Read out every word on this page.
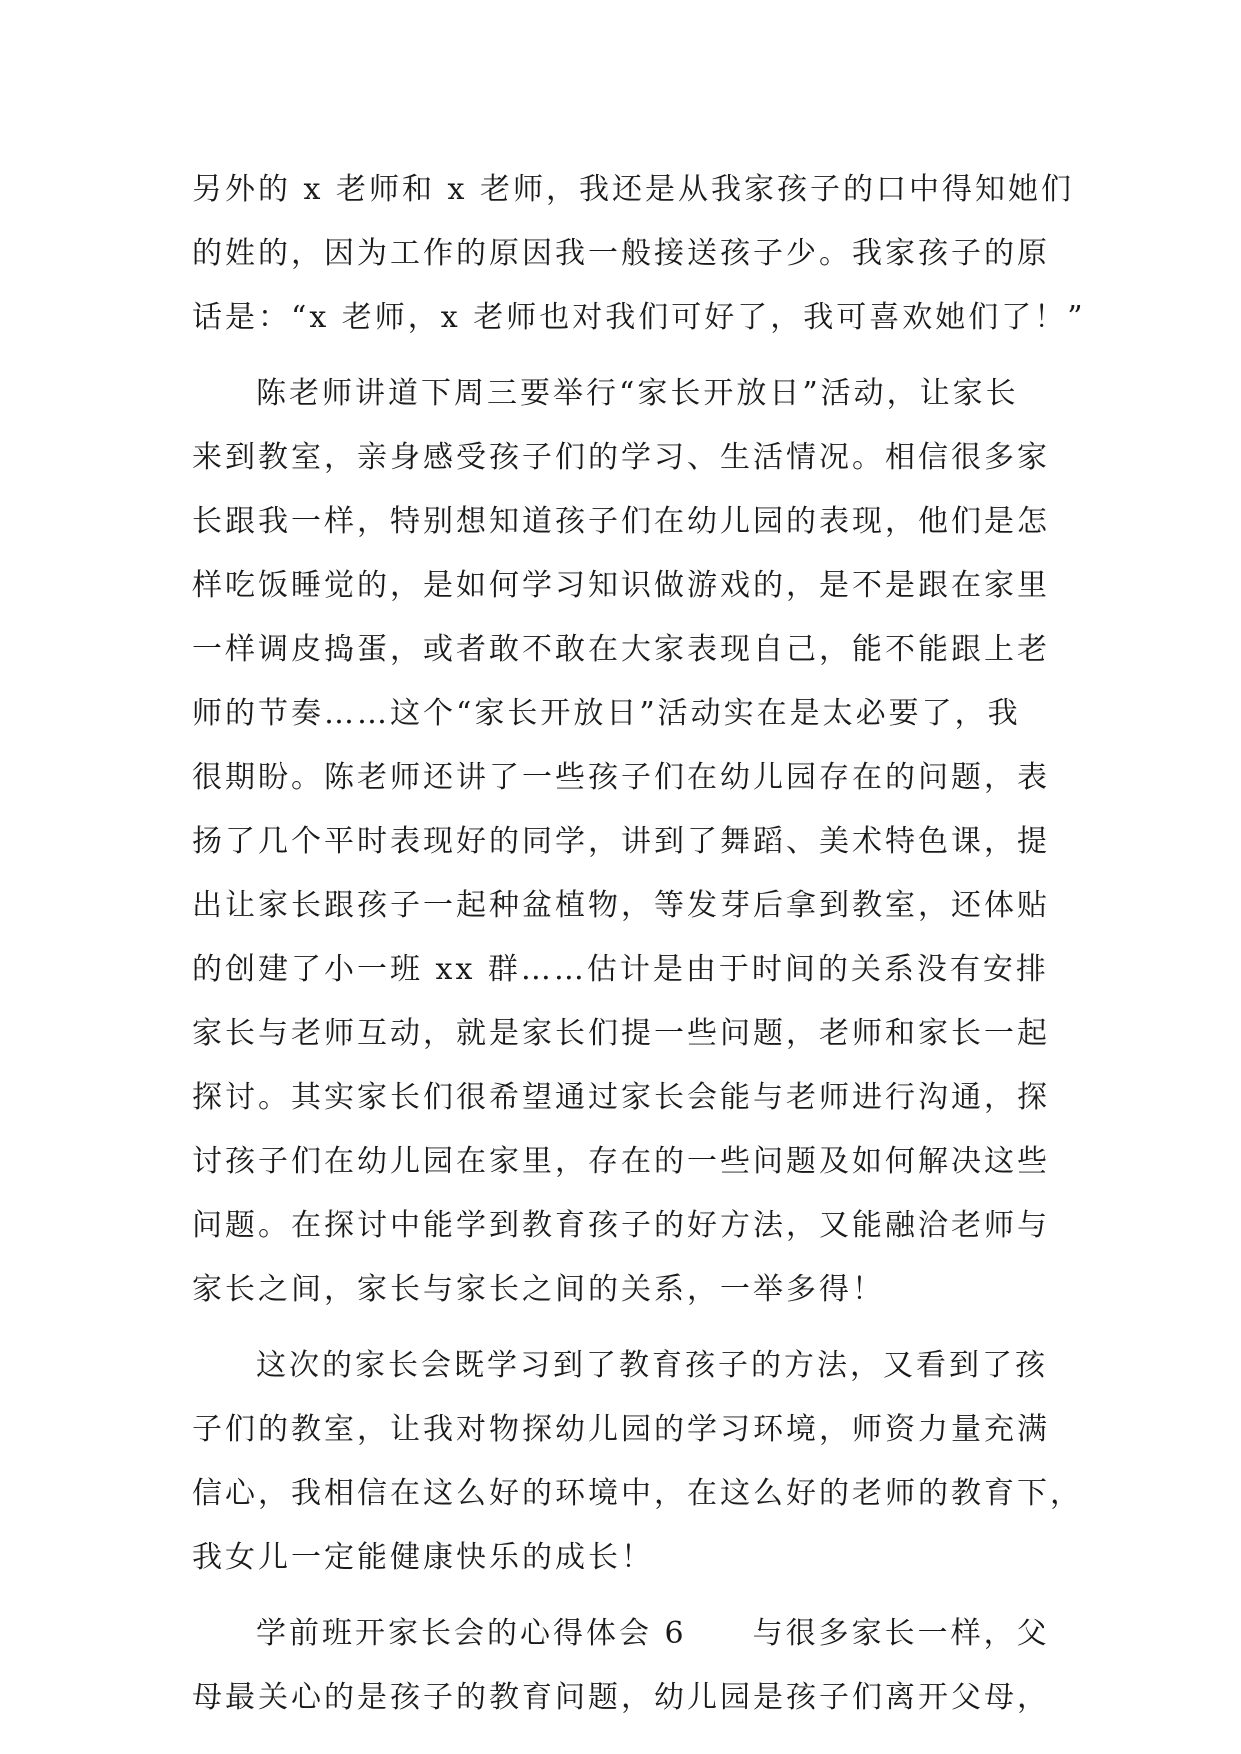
另外的 x 老师和 x 老师，我还是从我家孩子的口中得知她们
的姓的，因为工作的原因我一般接送孩子少。我家孩子的原
话是：“x 老师，x 老师也对我们可好了，我可喜欢她们了！”
陈老师讲道下周三要举行“家长开放日”活动，让家长
来到教室，亲身感受孩子们的学习、生活情况。相信很多家
长跟我一样，特别想知道孩子们在幼儿园的表现，他们是怎
样吃饭睡觉的，是如何学习知识做游戏的，是不是跟在家里
一样调皮捣蛋，或者敢不敢在大家表现自己，能不能跟上老
师的节奏……这个“家长开放日”活动实在是太必要了，我
很期盼。陈老师还讲了一些孩子们在幼儿园存在的问题，表
扬了几个平时表现好的同学，讲到了舞蹈、美术特色课，提
出让家长跟孩子一起种盆植物，等发芽后拿到教室，还体贴
的创建了小一班 xx 群……估计是由于时间的关系没有安排
家长与老师互动，就是家长们提一些问题，老师和家长一起
探讨。其实家长们很希望通过家长会能与老师进行沟通，探
讨孩子们在幼儿园在家里，存在的一些问题及如何解决这些
问题。在探讨中能学到教育孩子的好方法，又能融洽老师与
家长之间，家长与家长之间的关系，一举多得！
这次的家长会既学习到了教育孩子的方法，又看到了孩
子们的教室，让我对物探幼儿园的学习环境，师资力量充满
信心，我相信在这么好的环境中，在这么好的老师的教育下，
我女儿一定能健康快乐的成长！
学前班开家长会的心得体会 6　　与很多家长一样，父
母最关心的是孩子的教育问题，幼儿园是孩子们离开父母，
